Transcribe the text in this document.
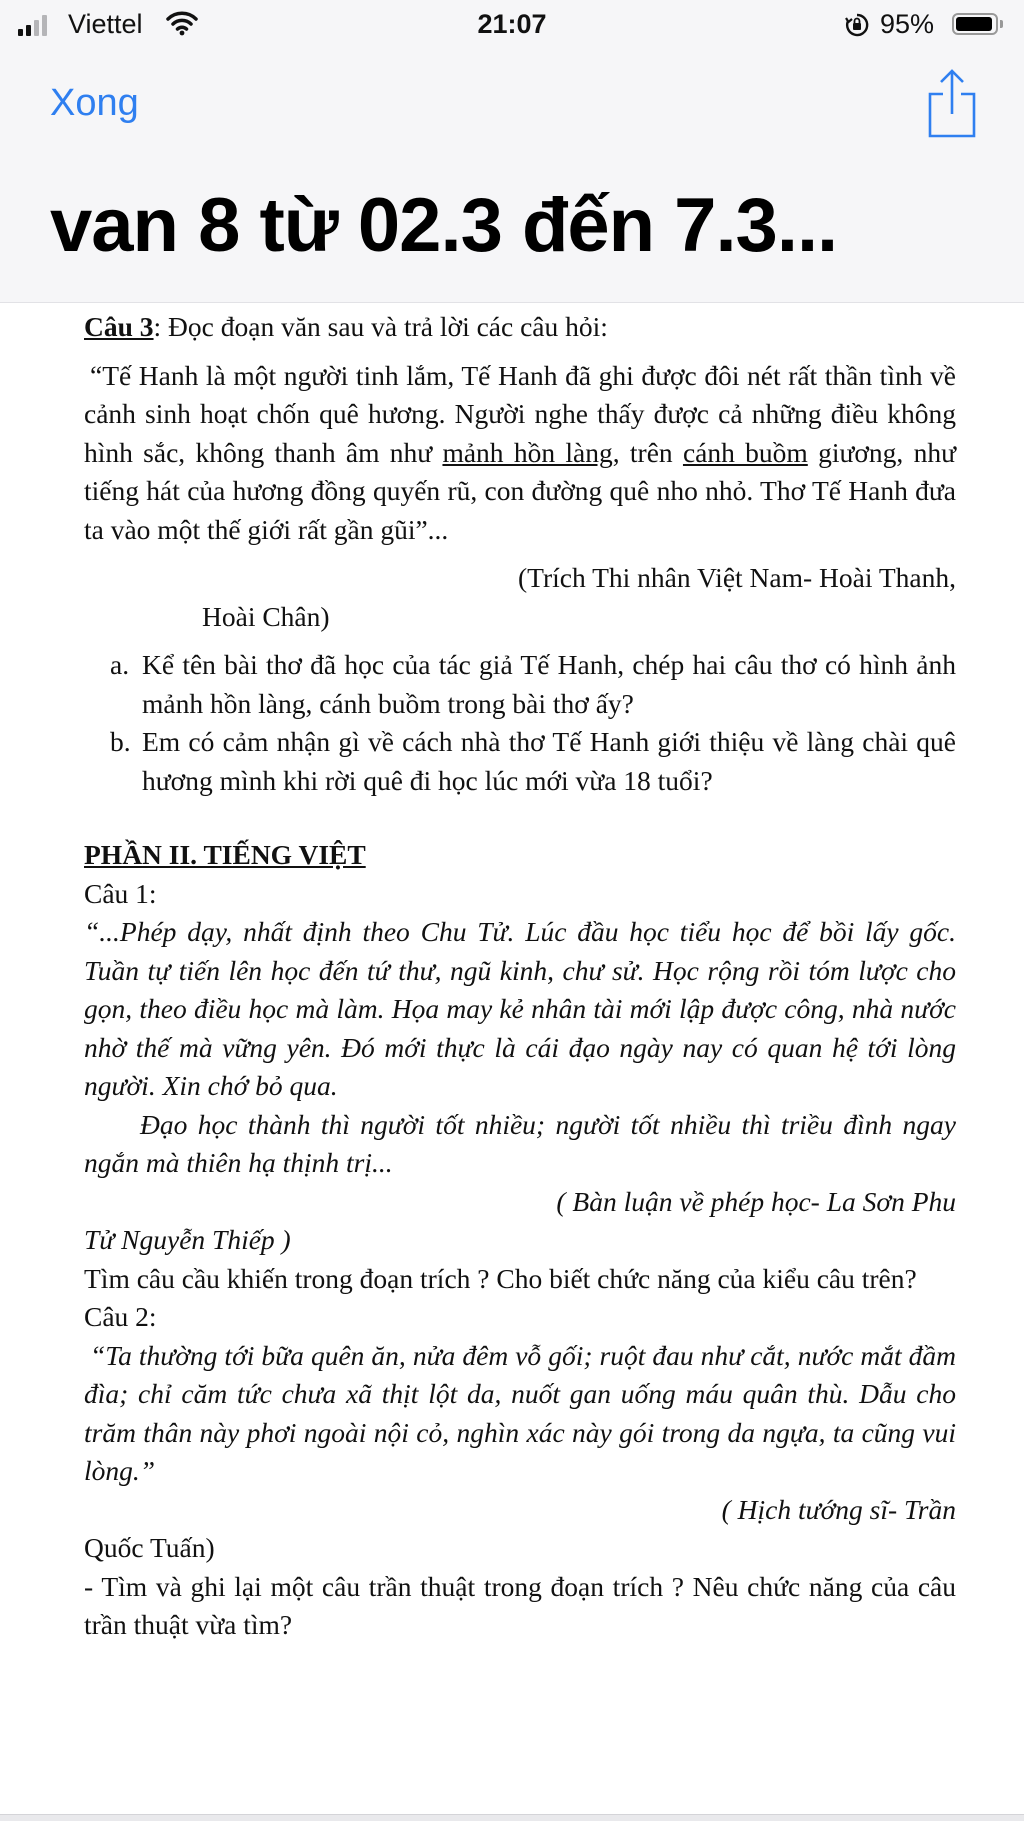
Viettel	21:07	95%
Xong
van 8 từ 02.3 đến 7.3...

Câu 3: Đọc đoạn văn sau và trả lời các câu hỏi:

“Tế Hanh là một người tinh lắm, Tế Hanh đã ghi được đôi nét rất thần tình về cảnh sinh hoạt chốn quê hương. Người nghe thấy được cả những điều không hình sắc, không thanh âm như mảnh hồn làng, trên cánh buồm giương, như tiếng hát của hương đồng quyến rũ, con đường quê nho nhỏ. Thơ Tế Hanh đưa ta vào một thế giới rất gần gũi”...

(Trích Thi nhân Việt Nam- Hoài Thanh,

Hoài Chân)

a. Kể tên bài thơ đã học của tác giả Tế Hanh, chép hai câu thơ có hình ảnh mảnh hồn làng, cánh buồm trong bài thơ ấy?
b. Em có cảm nhận gì về cách nhà thơ Tế Hanh giới thiệu về làng chài quê hương mình khi rời quê đi học lúc mới vừa 18 tuổi?

PHẦN II. TIẾNG VIỆT

Câu 1:

“...Phép dạy, nhất định theo Chu Tử. Lúc đầu học tiểu học để bồi lấy gốc. Tuần tự tiến lên học đến tứ thư, ngũ kinh, chư sử. Học rộng rồi tóm lược cho gọn, theo điều học mà làm. Họa may kẻ nhân tài mới lập được công, nhà nước nhờ thế mà vững yên. Đó mới thực là cái đạo ngày nay có quan hệ tới lòng người. Xin chớ bỏ qua.

Đạo học thành thì người tốt nhiều; người tốt nhiều thì triều đình ngay ngắn mà thiên hạ thịnh trị...

( Bàn luận về phép học- La Sơn Phu

Tử Nguyễn Thiếp )

Tìm câu cầu khiến trong đoạn trích ? Cho biết chức năng của kiểu câu trên?

Câu 2:

“Ta thường tới bữa quên ăn, nửa đêm vỗ gối; ruột đau như cắt, nước mắt đầm đìa; chỉ căm tức chưa xã thịt lột da, nuốt gan uống máu quân thù. Dẫu cho trăm thân này phơi ngoài nội cỏ, nghìn xác này gói trong da ngựa, ta cũng vui lòng.”

( Hịch tướng sĩ- Trần

Quốc Tuấn)

- Tìm và ghi lại một câu trần thuật trong đoạn trích ? Nêu chức năng của câu trần thuật vừa tìm?
